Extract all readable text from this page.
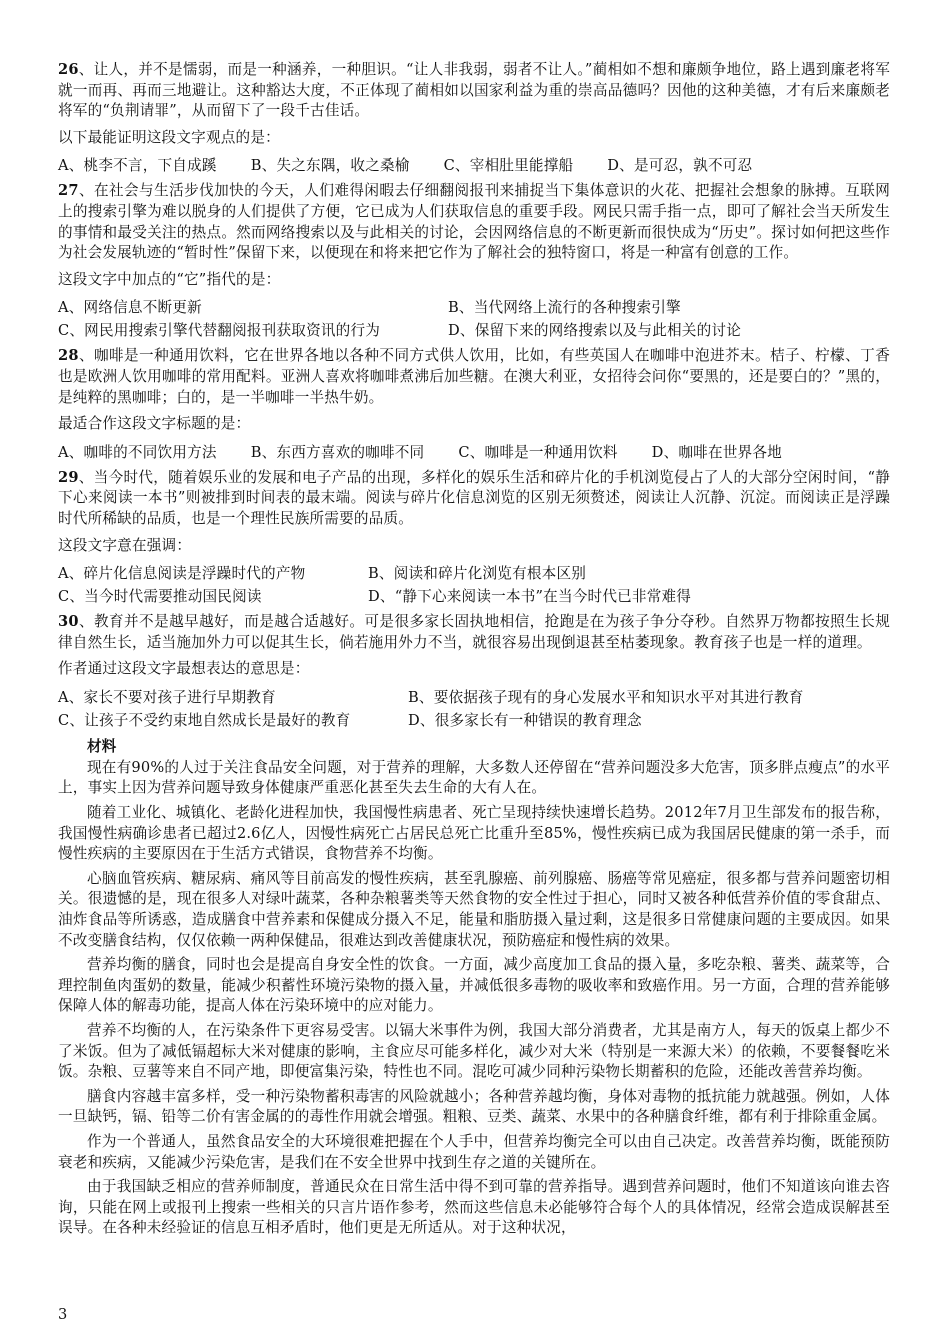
26、让人，并不是懦弱，而是一种涵养，一种胆识。“让人非我弱，弱者不让人。”蔺相如不想和廉颇争地位，路上遇到廉老将军就一而再、再而三地避让。这种豁达大度，不正体现了蔺相如以国家利益为重的崇高品德吗？因他的这种美德，才有后来廉颇老将军的“负荆请罪”，从而留下了一段千古佳话。

以下最能证明这段文字观点的是：

A、桃李不言，下自成蹊 B、失之东隅，收之桑榆 C、宰相肚里能撑船 D、是可忍，孰不可忍

27、在社会与生活步伐加快的今天，人们难得闲暇去仔细翻阅报刊来捕捉当下集体意识的火花、把握社会想象的脉搏。互联网上的搜索引擎为难以脱身的人们提供了方便，它已成为人们获取信息的重要手段。网民只需手指一点，即可了解社会当天所发生的事情和最受关注的热点。然而网络搜索以及与此相关的讨论，会因网络信息的不断更新而很快成为“历史”。探讨如何把这些作为社会发展轨迹的“暂时性”保留下来，以便现在和将来把它作为了解社会的独特窗口，将是一种富有创意的工作。

这段文字中加点的“它”指代的是：

A、网络信息不断更新	B、当代网络上流行的各种搜索引擎
C、网民用搜索引擎代替翻阅报刊获取资讯的行为	D、保留下来的网络搜索以及与此相关的讨论

28、咖啡是一种通用饮料，它在世界各地以各种不同方式供人饮用，比如，有些英国人在咖啡中泡进芥末。桔子、柠檬、丁香也是欧洲人饮用咖啡的常用配料。亚洲人喜欢将咖啡煮沸后加些糖。在澳大利亚，女招待会问你“要黑的，还是要白的？”黑的，是纯粹的黑咖啡；白的，是一半咖啡一半热牛奶。

最适合作这段文字标题的是：

A、咖啡的不同饮用方法 B、东西方喜欢的咖啡不同 C、咖啡是一种通用饮料 D、咖啡在世界各地

29、当今时代，随着娱乐业的发展和电子产品的出现，多样化的娱乐生活和碎片化的手机浏览侵占了人的大部分空闲时间，“静下心来阅读一本书”则被排到时间表的最末端。阅读与碎片化信息浏览的区别无须赘述，阅读让人沉静、沉淀。而阅读正是浮躁时代所稀缺的品质，也是一个理性民族所需要的品质。

这段文字意在强调：

A、碎片化信息阅读是浮躁时代的产物	B、阅读和碎片化浏览有根本区别
C、当今时代需要推动国民阅读	D、“静下心来阅读一本书”在当今时代已非常难得

30、教育并不是越早越好，而是越合适越好。可是很多家长固执地相信，抢跑是在为孩子争分夺秒。自然界万物都按照生长规律自然生长，适当施加外力可以促其生长，倘若施用外力不当，就很容易出现倒退甚至枯萎现象。教育孩子也是一样的道理。

作者通过这段文字最想表达的意思是：

A、家长不要对孩子进行早期教育	B、要依据孩子现有的身心发展水平和知识水平对其进行教育
C、让孩子不受约束地自然成长是最好的教育	D、很多家长有一种错误的教育理念
材料

现在有90%的人过于关注食品安全问题，对于营养的理解，大多数人还停留在“营养问题没多大危害，顶多胖点瘦点”的水平上，事实上因为营养问题导致身体健康严重恶化甚至失去生命的大有人在。

随着工业化、城镇化、老龄化进程加快，我国慢性病患者、死亡呈现持续快速增长趋势。2012年7月卫生部发布的报告称，我国慢性病确诊患者已超过2.6亿人，因慢性病死亡占居民总死亡比重升至85%，慢性疾病已成为我国居民健康的第一杀手，而慢性疾病的主要原因在于生活方式错误，食物营养不均衡。

心脑血管疾病、糖尿病、痛风等目前高发的慢性疾病，甚至乳腺癌、前列腺癌、肠癌等常见癌症，很多都与营养问题密切相关。很遗憾的是，现在很多人对绿叶蔬菜，各种杂粮薯类等天然食物的安全性过于担心，同时又被各种低营养价值的零食甜点、油炸食品等所诱惑，造成膳食中营养素和保健成分摄入不足，能量和脂肪摄入量过剩，这是很多日常健康问题的主要成因。如果不改变膳食结构，仅仅依赖一两种保健品，很难达到改善健康状况，预防癌症和慢性病的效果。

营养均衡的膳食，同时也会是提高自身安全性的饮食。一方面，减少高度加工食品的摄入量，多吃杂粮、薯类、蔬菜等，合理控制鱼肉蛋奶的数量，能减少积蓄性环境污染物的摄入量，并减低很多毒物的吸收率和致癌作用。另一方面，合理的营养能够保障人体的解毒功能，提高人体在污染环境中的应对能力。

营养不均衡的人，在污染条件下更容易受害。以镉大米事件为例，我国大部分消费者，尤其是南方人，每天的饭桌上都少不了米饭。但为了减低镉超标大米对健康的影响，主食应尽可能多样化，减少对大米（特别是一来源大米）的依赖，不要餐餐吃米饭。杂粮、豆薯等来自不同产地，即便富集污染，特性也不同。混吃可减少同种污染物长期蓄积的危险，还能改善营养均衡。

膳食内容越丰富多样，受一种污染物蓄积毒害的风险就越小；各种营养越均衡，身体对毒物的抵抗能力就越强。例如，人体一旦缺钙，镉、铅等二价有害金属的的毒性作用就会增强。粗粮、豆类、蔬菜、水果中的各种膳食纤维，都有利于排除重金属。

作为一个普通人，虽然食品安全的大环境很难把握在个人手中，但营养均衡完全可以由自己决定。改善营养均衡，既能预防衰老和疾病，又能减少污染危害，是我们在不安全世界中找到生存之道的关键所在。

由于我国缺乏相应的营养师制度，普通民众在日常生活中得不到可靠的营养指导。遇到营养问题时，他们不知道该向谁去咨询，只能在网上或报刊上搜索一些相关的只言片语作参考，然而这些信息未必能够符合每个人的具体情况，经常会造成误解甚至误导。在各种未经验证的信息互相矛盾时，他们更是无所适从。对于这种状况，

3
